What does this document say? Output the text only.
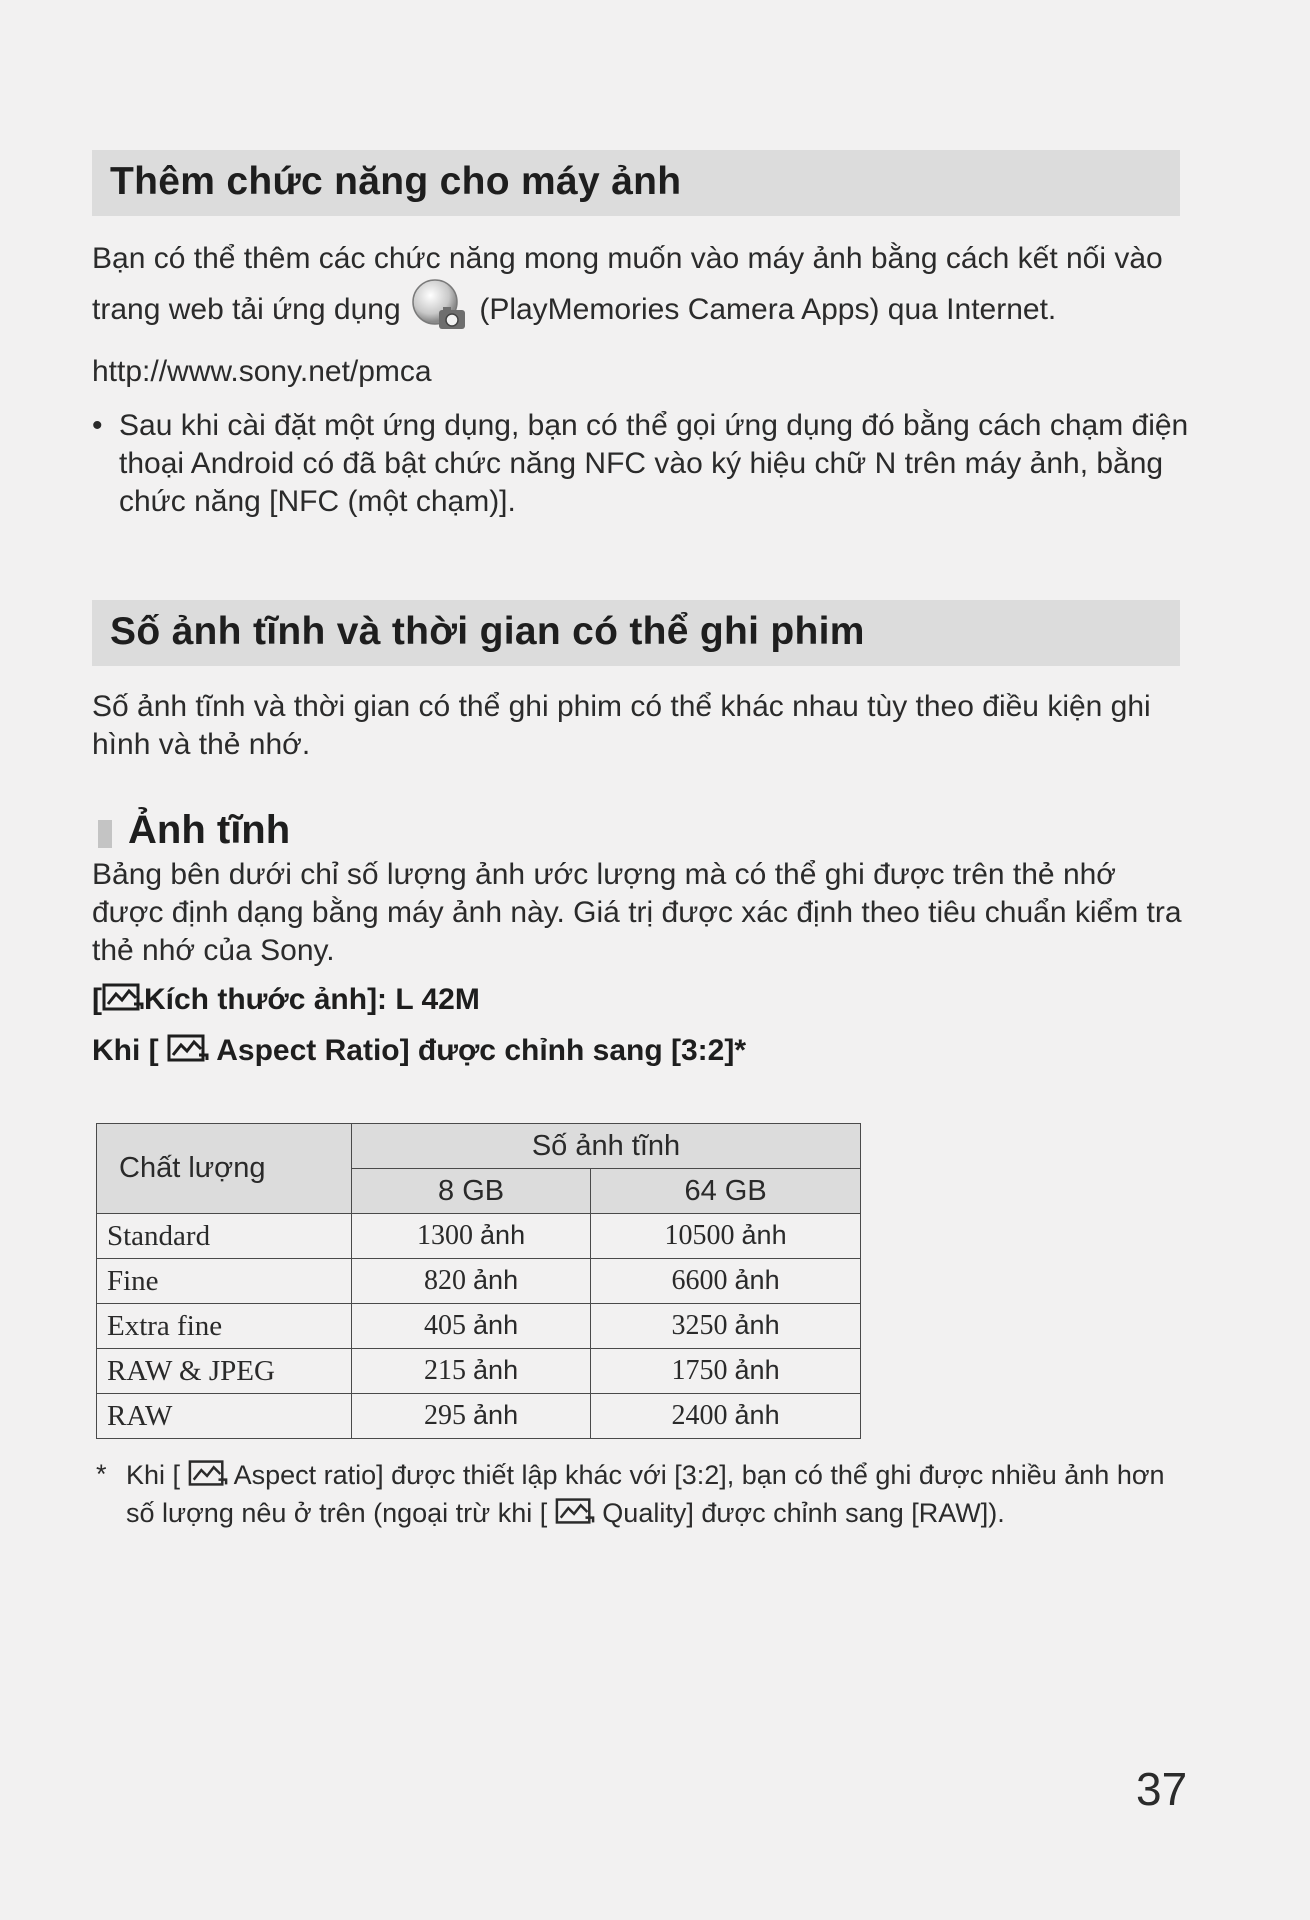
Thêm chức năng cho máy ảnh

Bạn có thể thêm các chức năng mong muốn vào máy ảnh bằng cách kết nối vào trang web tải ứng dụng	(PlayMemories Camera Apps) qua Internet.

http://www.sony.net/pmca

• Sau khi cài đặt một ứng dụng, bạn có thể gọi ứng dụng đó bằng cách chạm điện thoại Android có đã bật chức năng NFC vào ký hiệu chữ N trên máy ảnh, bằng chức năng [NFC (một chạm)].
Số ảnh tĩnh và thời gian có thể ghi phim
Số ảnh tĩnh và thời gian có thể ghi phim có thể khác nhau tùy theo điều kiện ghi hình và thẻ nhớ.
Ảnh tĩnh
Bảng bên dưới chỉ số lượng ảnh ước lượng mà có thể ghi được trên thẻ nhớ được định dạng bằng máy ảnh này. Giá trị được xác định theo tiêu chuẩn kiểm tra thẻ nhớ của Sony.
[ Kích thước ảnh]: L 42M
Khi [ Aspect Ratio] được chỉnh sang [3:2]*
Chất lượng	Số ảnh tĩnh	
	8 GB	64 GB
Standard	1300 ảnh	10500 ảnh
Fine	820 ảnh	6600 ảnh
Extra fine	405 ảnh	3250 ảnh
RAW & JPEG	215 ảnh	1750 ảnh
RAW	295 ảnh	2400 ảnh
* Khi [ Aspect ratio] được thiết lập khác với [3:2], bạn có thể ghi được nhiều ảnh hơn số lượng nêu ở trên (ngoại trừ khi [ Quality] được chỉnh sang [RAW]).
37
